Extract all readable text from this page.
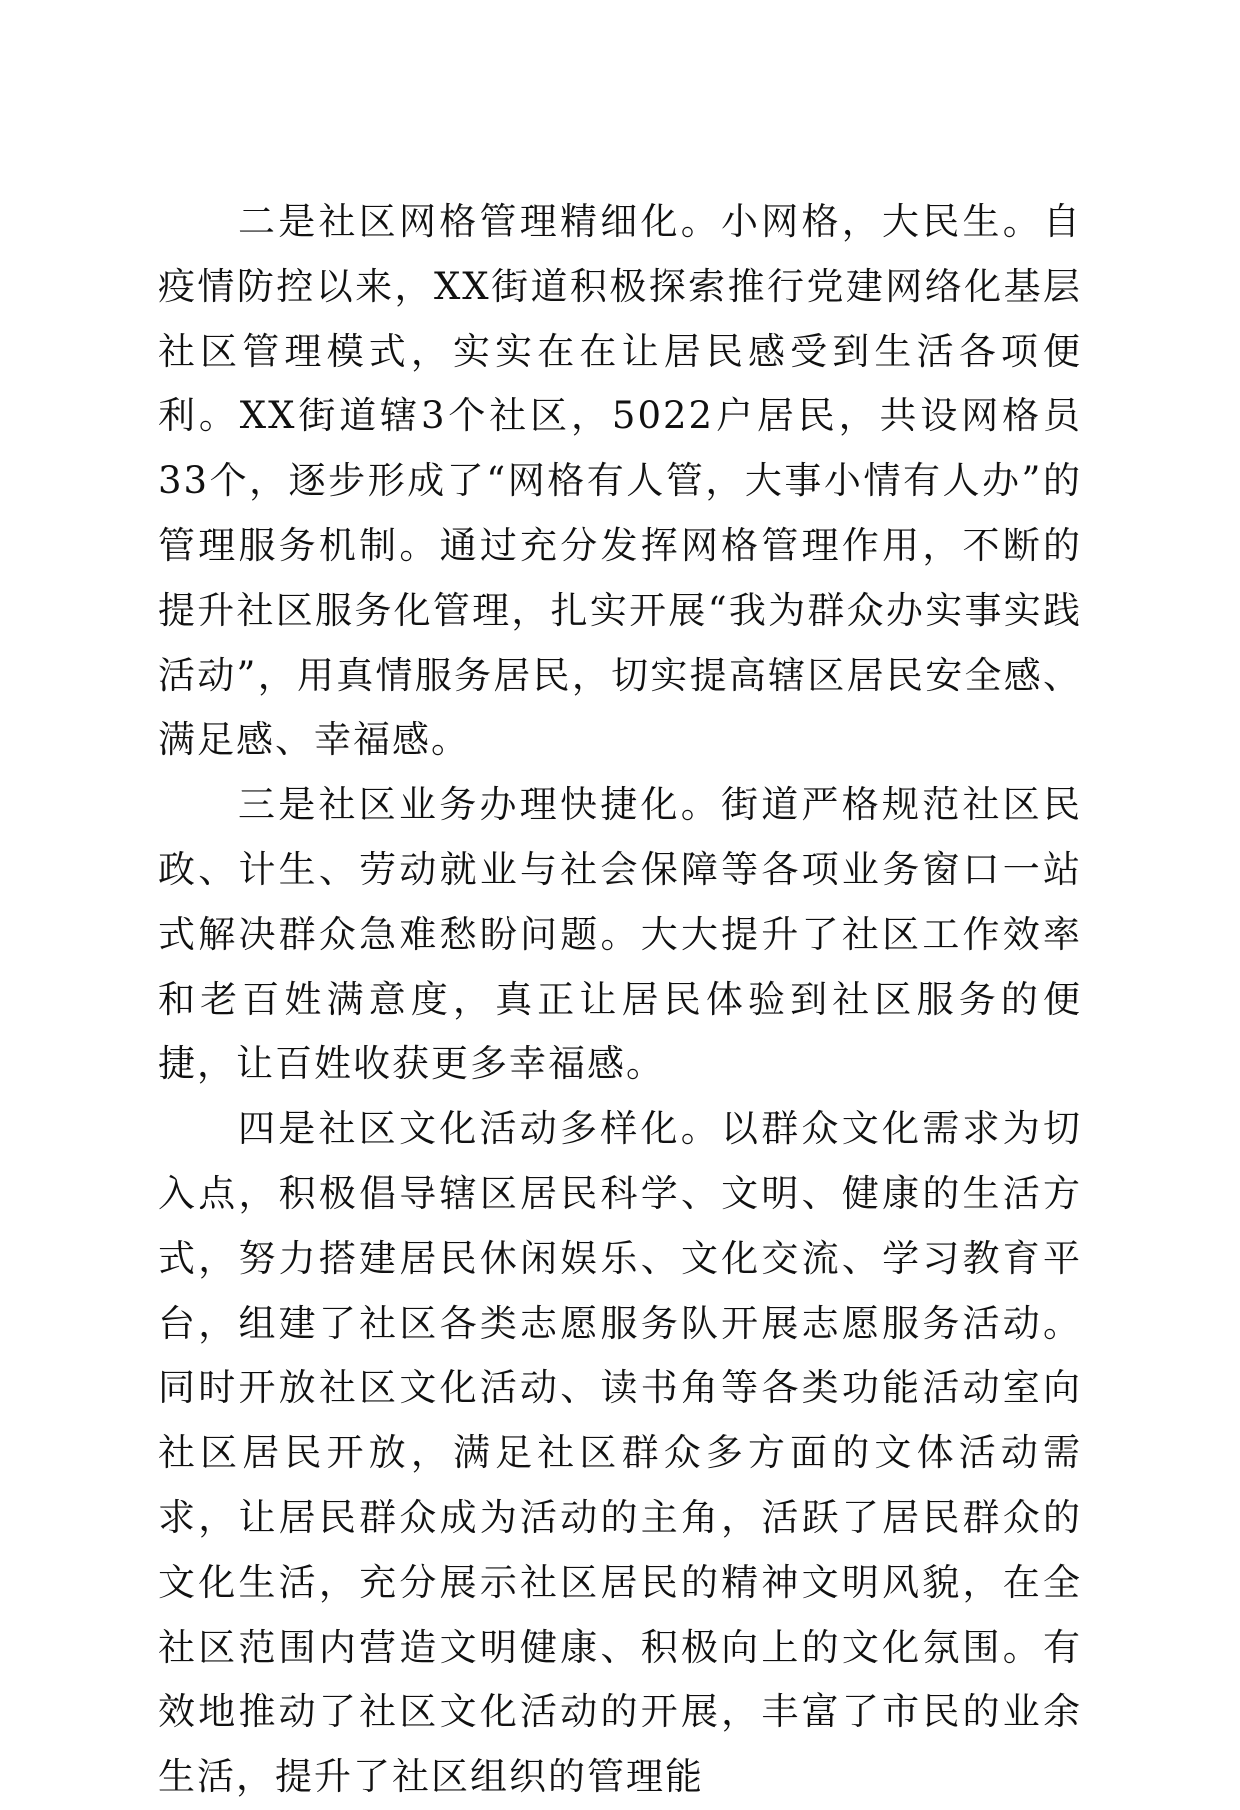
二是社区网格管理精细化。小网格，大民生。自疫情防控以来，XX街道积极探索推行党建网络化基层社区管理模式，实实在在让居民感受到生活各项便利。XX街道辖3个社区，5022户居民，共设网格员33个，逐步形成了“网格有人管，大事小情有人办”的管理服务机制。通过充分发挥网格管理作用，不断的提升社区服务化管理，扎实开展“我为群众办实事实践活动”，用真情服务居民，切实提高辖区居民安全感、满足感、幸福感。

三是社区业务办理快捷化。街道严格规范社区民政、计生、劳动就业与社会保障等各项业务窗口一站式解决群众急难愁盼问题。大大提升了社区工作效率和老百姓满意度，真正让居民体验到社区服务的便捷，让百姓收获更多幸福感。

四是社区文化活动多样化。以群众文化需求为切入点，积极倡导辖区居民科学、文明、健康的生活方式，努力搭建居民休闲娱乐、文化交流、学习教育平台，组建了社区各类志愿服务队开展志愿服务活动。同时开放社区文化活动、读书角等各类功能活动室向社区居民开放，满足社区群众多方面的文体活动需求，让居民群众成为活动的主角，活跃了居民群众的文化生活，充分展示社区居民的精神文明风貌，在全社区范围内营造文明健康、积极向上的文化氛围。有效地推动了社区文化活动的开展，丰富了市民的业余生活，提升了社区组织的管理能
